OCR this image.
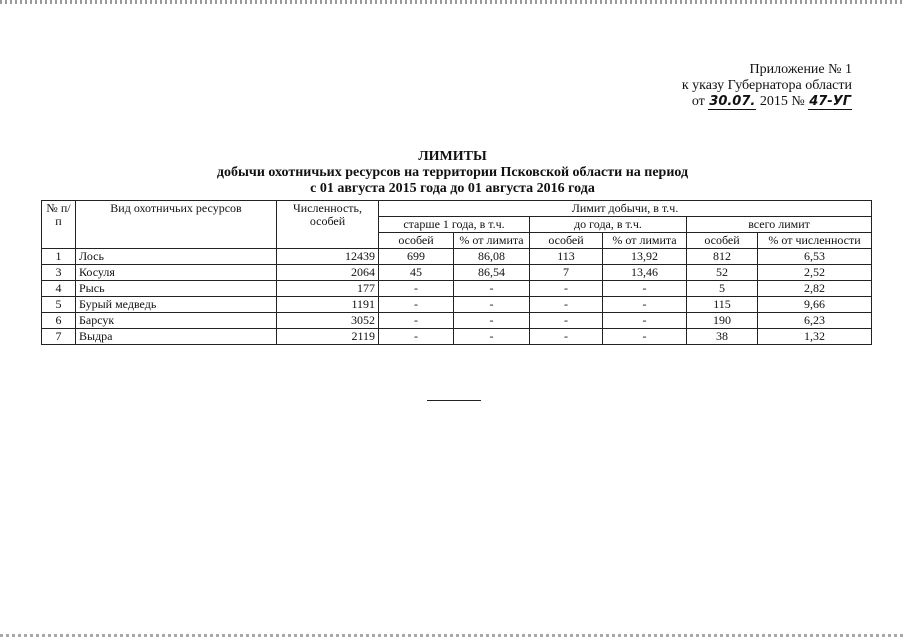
Приложение № 1
к указу Губернатора области
от 30.07. 2015 № 47-УГ
ЛИМИТЫ
добычи охотничьих ресурсов на территории Псковской области на период
с 01 августа 2015 года до 01 августа 2016 года
№ п/п	Вид охотничьих ресурсов	Численность, особей	Лимит добычи, в т.ч.					
			старше 1 года, в т.ч.		до года, в т.ч.		всего лимит	
			особей	% от лимита	особей	% от лимита	особей	% от численности
1	Лось	12439	699	86,08	113	13,92	812	6,53
3	Косуля	2064	45	86,54	7	13,46	52	2,52
4	Рысь	177	-	-	-	-	5	2,82
5	Бурый медведь	1191	-	-	-	-	115	9,66
6	Барсук	3052	-	-	-	-	190	6,23
7	Выдра	2119	-	-	-	-	38	1,32
